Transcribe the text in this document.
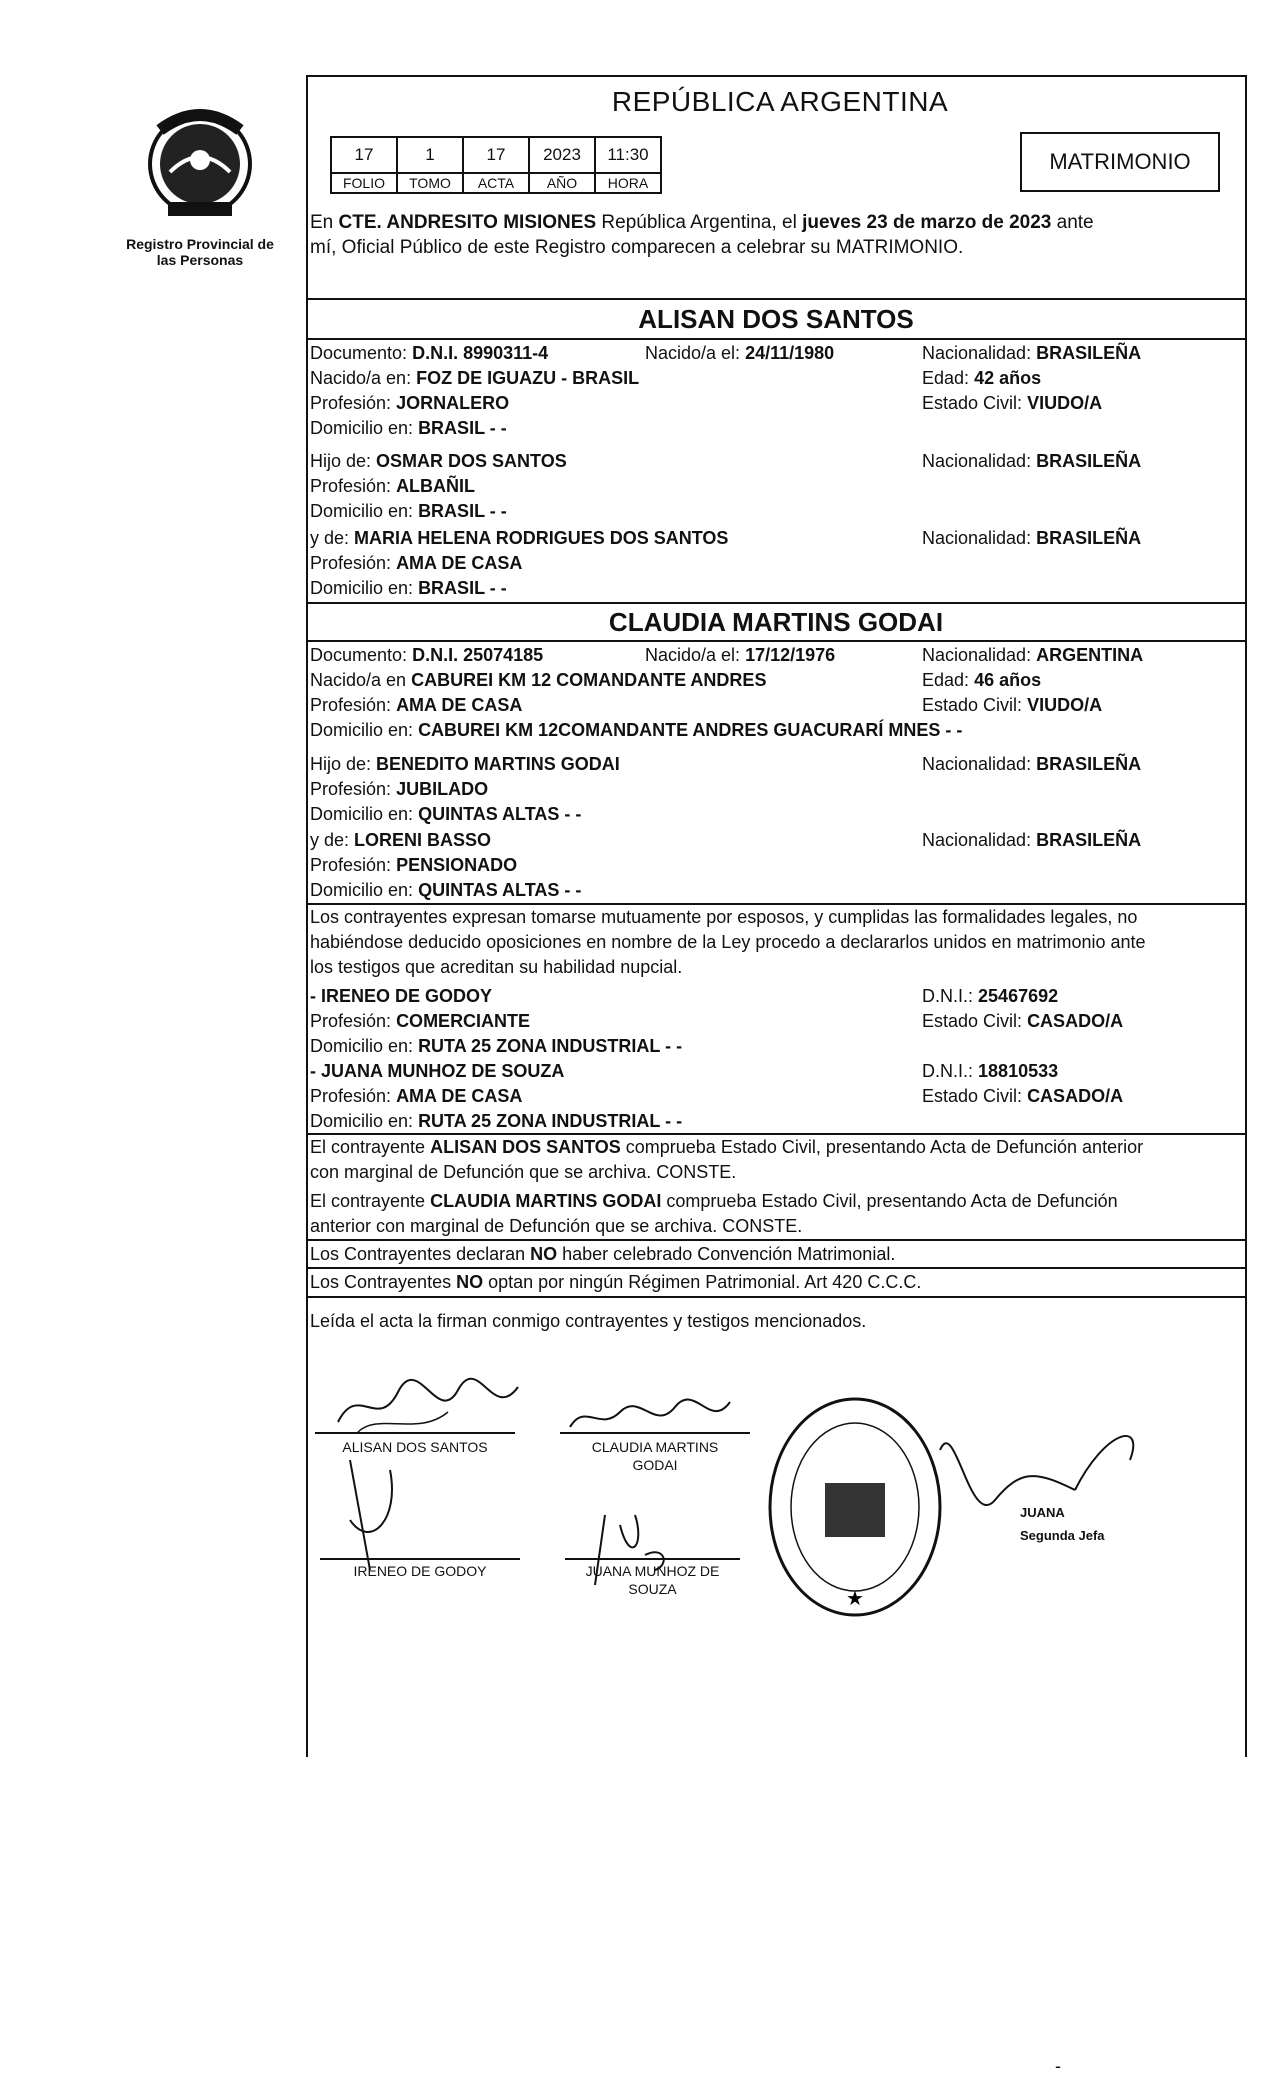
Registro Provincial de las Personas
REPÚBLICA ARGENTINA
17	1	17	2023	11:30
FOLIO	TOMO	ACTA	AÑO	HORA
MATRIMONIO
En CTE. ANDRESITO MISIONES República Argentina, el jueves 23 de marzo de 2023 ante
mí, Oficial Público de este Registro comparecen a celebrar su MATRIMONIO.
ALISAN DOS SANTOS
Documento: D.N.I. 8990311-4	Nacido/a el: 24/11/1980	Nacionalidad: BRASILEÑA
Nacido/a en: FOZ DE IGUAZU - BRASIL	Edad: 42 años
Profesión: JORNALERO	Estado Civil: VIUDO/A
Domicilio en: BRASIL - -
Hijo de: OSMAR DOS SANTOS	Nacionalidad: BRASILEÑA
Profesión: ALBAÑIL
Domicilio en: BRASIL - -
y de: MARIA HELENA RODRIGUES DOS SANTOS	Nacionalidad: BRASILEÑA
Profesión: AMA DE CASA
Domicilio en: BRASIL - -
CLAUDIA MARTINS GODAI
Documento: D.N.I. 25074185	Nacido/a el: 17/12/1976	Nacionalidad: ARGENTINA
Nacido/a en CABUREI KM 12 COMANDANTE ANDRES	Edad: 46 años
Profesión: AMA DE CASA	Estado Civil: VIUDO/A
Domicilio en: CABUREI KM 12COMANDANTE ANDRES GUACURARÍ MNES - -
Hijo de: BENEDITO MARTINS GODAI	Nacionalidad: BRASILEÑA
Profesión: JUBILADO
Domicilio en: QUINTAS ALTAS - -
y de: LORENI BASSO	Nacionalidad: BRASILEÑA
Profesión: PENSIONADO
Domicilio en: QUINTAS ALTAS - -
Los contrayentes expresan tomarse mutuamente por esposos, y cumplidas las formalidades legales, no
habiéndose deducido oposiciones en nombre de la Ley procedo a declararlos unidos en matrimonio ante
los testigos que acreditan su habilidad nupcial.
- IRENEO DE GODOY	D.N.I.: 25467692
Profesión: COMERCIANTE	Estado Civil: CASADO/A
Domicilio en: RUTA 25 ZONA INDUSTRIAL - -
- JUANA MUNHOZ DE SOUZA	D.N.I.: 18810533
Profesión: AMA DE CASA	Estado Civil: CASADO/A
Domicilio en: RUTA 25 ZONA INDUSTRIAL - -
El contrayente ALISAN DOS SANTOS comprueba Estado Civil, presentando Acta de Defunción anterior
con marginal de Defunción que se archiva. CONSTE.
El contrayente CLAUDIA MARTINS GODAI comprueba Estado Civil, presentando Acta de Defunción
anterior con marginal de Defunción que se archiva. CONSTE.
Los Contrayentes declaran NO haber celebrado Convención Matrimonial.
Los Contrayentes NO optan por ningún Régimen Patrimonial. Art 420 C.C.C.
Leída el acta la firman conmigo contrayentes y testigos mencionados.
ALISAN DOS SANTOS	CLAUDIA MARTINS
GODAI
IRENEO DE GODOY	JUANA MUNHOZ DE
SOUZA	★
JUANA
Segunda Jefa
-
